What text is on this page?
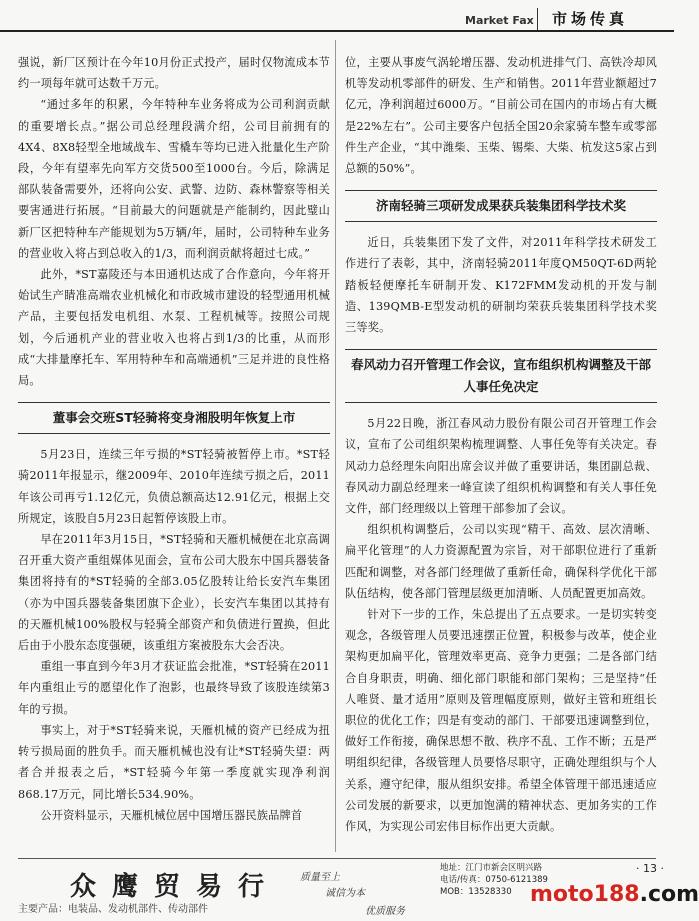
Market Fax 市场传真

强说，新厂区预计在今年10月份正式投产，届时仅物流成本节约一项每年就可达数千万元。

“通过多年的积累，今年特种车业务将成为公司利润贡献的重要增长点。”据公司总经理段满介绍，公司目前拥有的4X4、8X8轻型全地域战车、雪橇车等均已进入批量化生产阶段，今年有望率先向军方交货500至1000台。今后，除满足部队装备需要外，还将向公安、武警、边防、森林警察等相关要害通进行拓展。“目前最大的问题就是产能制约，因此璧山新厂区把特种车产能规划为5万辆/年，届时，公司特种车业务的营业收入将占到总收入的1/3，而利润贡献将超过七成。”

此外，*ST嘉陵还与本田通机达成了合作意向，今年将开始试生产睛准高端农业机械化和市政城市建设的轻型通用机械产品，主要包括发电机组、水泵、工程机械等。按照公司规划，今后通机产业的营业收入也将占到1/3的比重，从而形成“大排量摩托车、军用特种车和高端通机”三足并进的良性格局。

董事会交班ST轻骑将变身湘股明年恢复上市

5月23日，连续三年亏损的*ST轻骑被暂停上市。*ST轻骑2011年报显示，继2009年、2010年连续亏损之后，2011年该公司再亏1.12亿元，负债总额高达12.91亿元，根据上交所规定，该股自5月23日起暂停该股上市。

早在2011年3月15日，*ST轻骑和天雁机械便在北京高调召开重大资产重组媒体见面会，宣布公司大股东中国兵器装备集团将持有的*ST轻骑的全部3.05亿股转让给长安汽车集团（亦为中国兵器装备集团旗下企业），长安汽车集团以其持有的天雁机械100%股权与轻骑全部资产和负债进行置换，但此后由于小股东态度强硬，该重组方案被股东大会否决。

重组一事直到今年3月才获证监会批准，*ST轻骑在2011年内重组止亏的愿望化作了泡影，也最终导致了该股连续第3年的亏损。

事实上，对于*ST轻骑来说，天雁机械的资产已经成为扭转亏损局面的胜负手。而天雁机械也没有让*ST轻骑失望：两者合并报表之后，*ST轻骑今年第一季度就实现净利润868.17万元，同比增长534.90%。

公开资料显示，天雁机械位居中国增压器民族品牌首

位，主要从事废气涡轮增压器、发动机进排气门、高铁冷却风机等发动机零部件的研发、生产和销售。2011年营业额超过7亿元，净利润超过6000万。“目前公司在国内的市场占有大概是22%左右”。公司主要客户包括全国20余家骑车整车或零部件生产企业，“其中潍柴、玉柴、锡柴、大柴、杭发这5家占到总额的50%”。

济南轻骑三项研发成果获兵装集团科学技术奖

近日，兵装集团下发了文件，对2011年科学技术研发工作进行了表彰，其中，济南轻骑2011年度QM50QT-6D两轮踏板轻便摩托车研制开发、K172FMM发动机的开发与制造、139QMB-E型发动机的研制均荣获兵装集团科学技术奖三等奖。

春风动力召开管理工作会议，宣布组织机构调整及干部人事任免决定

5月22日晚，浙江春风动力股份有限公司召开管理工作会议，宣布了公司组织架构梳理调整、人事任免等有关决定。春风动力总经理朱向阳出席会议并做了重要讲话，集团副总裁、春风动力副总经理来一峰宣读了组织机构调整和有关人事任免文件，部门经理级以上管理干部参加了会议。

组织机构调整后，公司以实现“精干、高效、层次清晰、扁平化管理”的人力资源配置为宗旨，对干部职位进行了重新匹配和调整，对各部门经理做了重新任命，确保科学优化干部队伍结构，使各部门管理层级更加清晰、人员配置更加高效。

针对下一步的工作，朱总提出了五点要求。一是切实转变观念，各级管理人员要迅速摆正位置，积极参与改革，使企业架构更加扁平化，管理效率更高、竞争力更强；二是各部门结合自身职责，明确、细化部门职能和部门架构；三是坚持“任人唯贤、量才适用”原则及管理幅度原则，做好主管和班组长职位的优化工作；四是有变动的部门、干部要迅速调整到位，做好工作衔接，确保思想不散、秩序不乱、工作不断；五是严明组织纪律，各级管理人员要恪尽职守，正确处理组织与个人关系，遵守纪律，服从组织安排。希望全体管理干部迅速适应公司发展的新要求，以更加饱满的精神状态、更加务实的工作作风，为实现公司宏伟目标作出更大贡献。

众鹰贸易行
主要产品：电装品、发动机部件、传动部件
质量至上
诚信为本
优质服务
地址：江门市新会区明兴路
电话/传真：0750-6121389
MOB：13528330 moto188.com
· 13 ·
